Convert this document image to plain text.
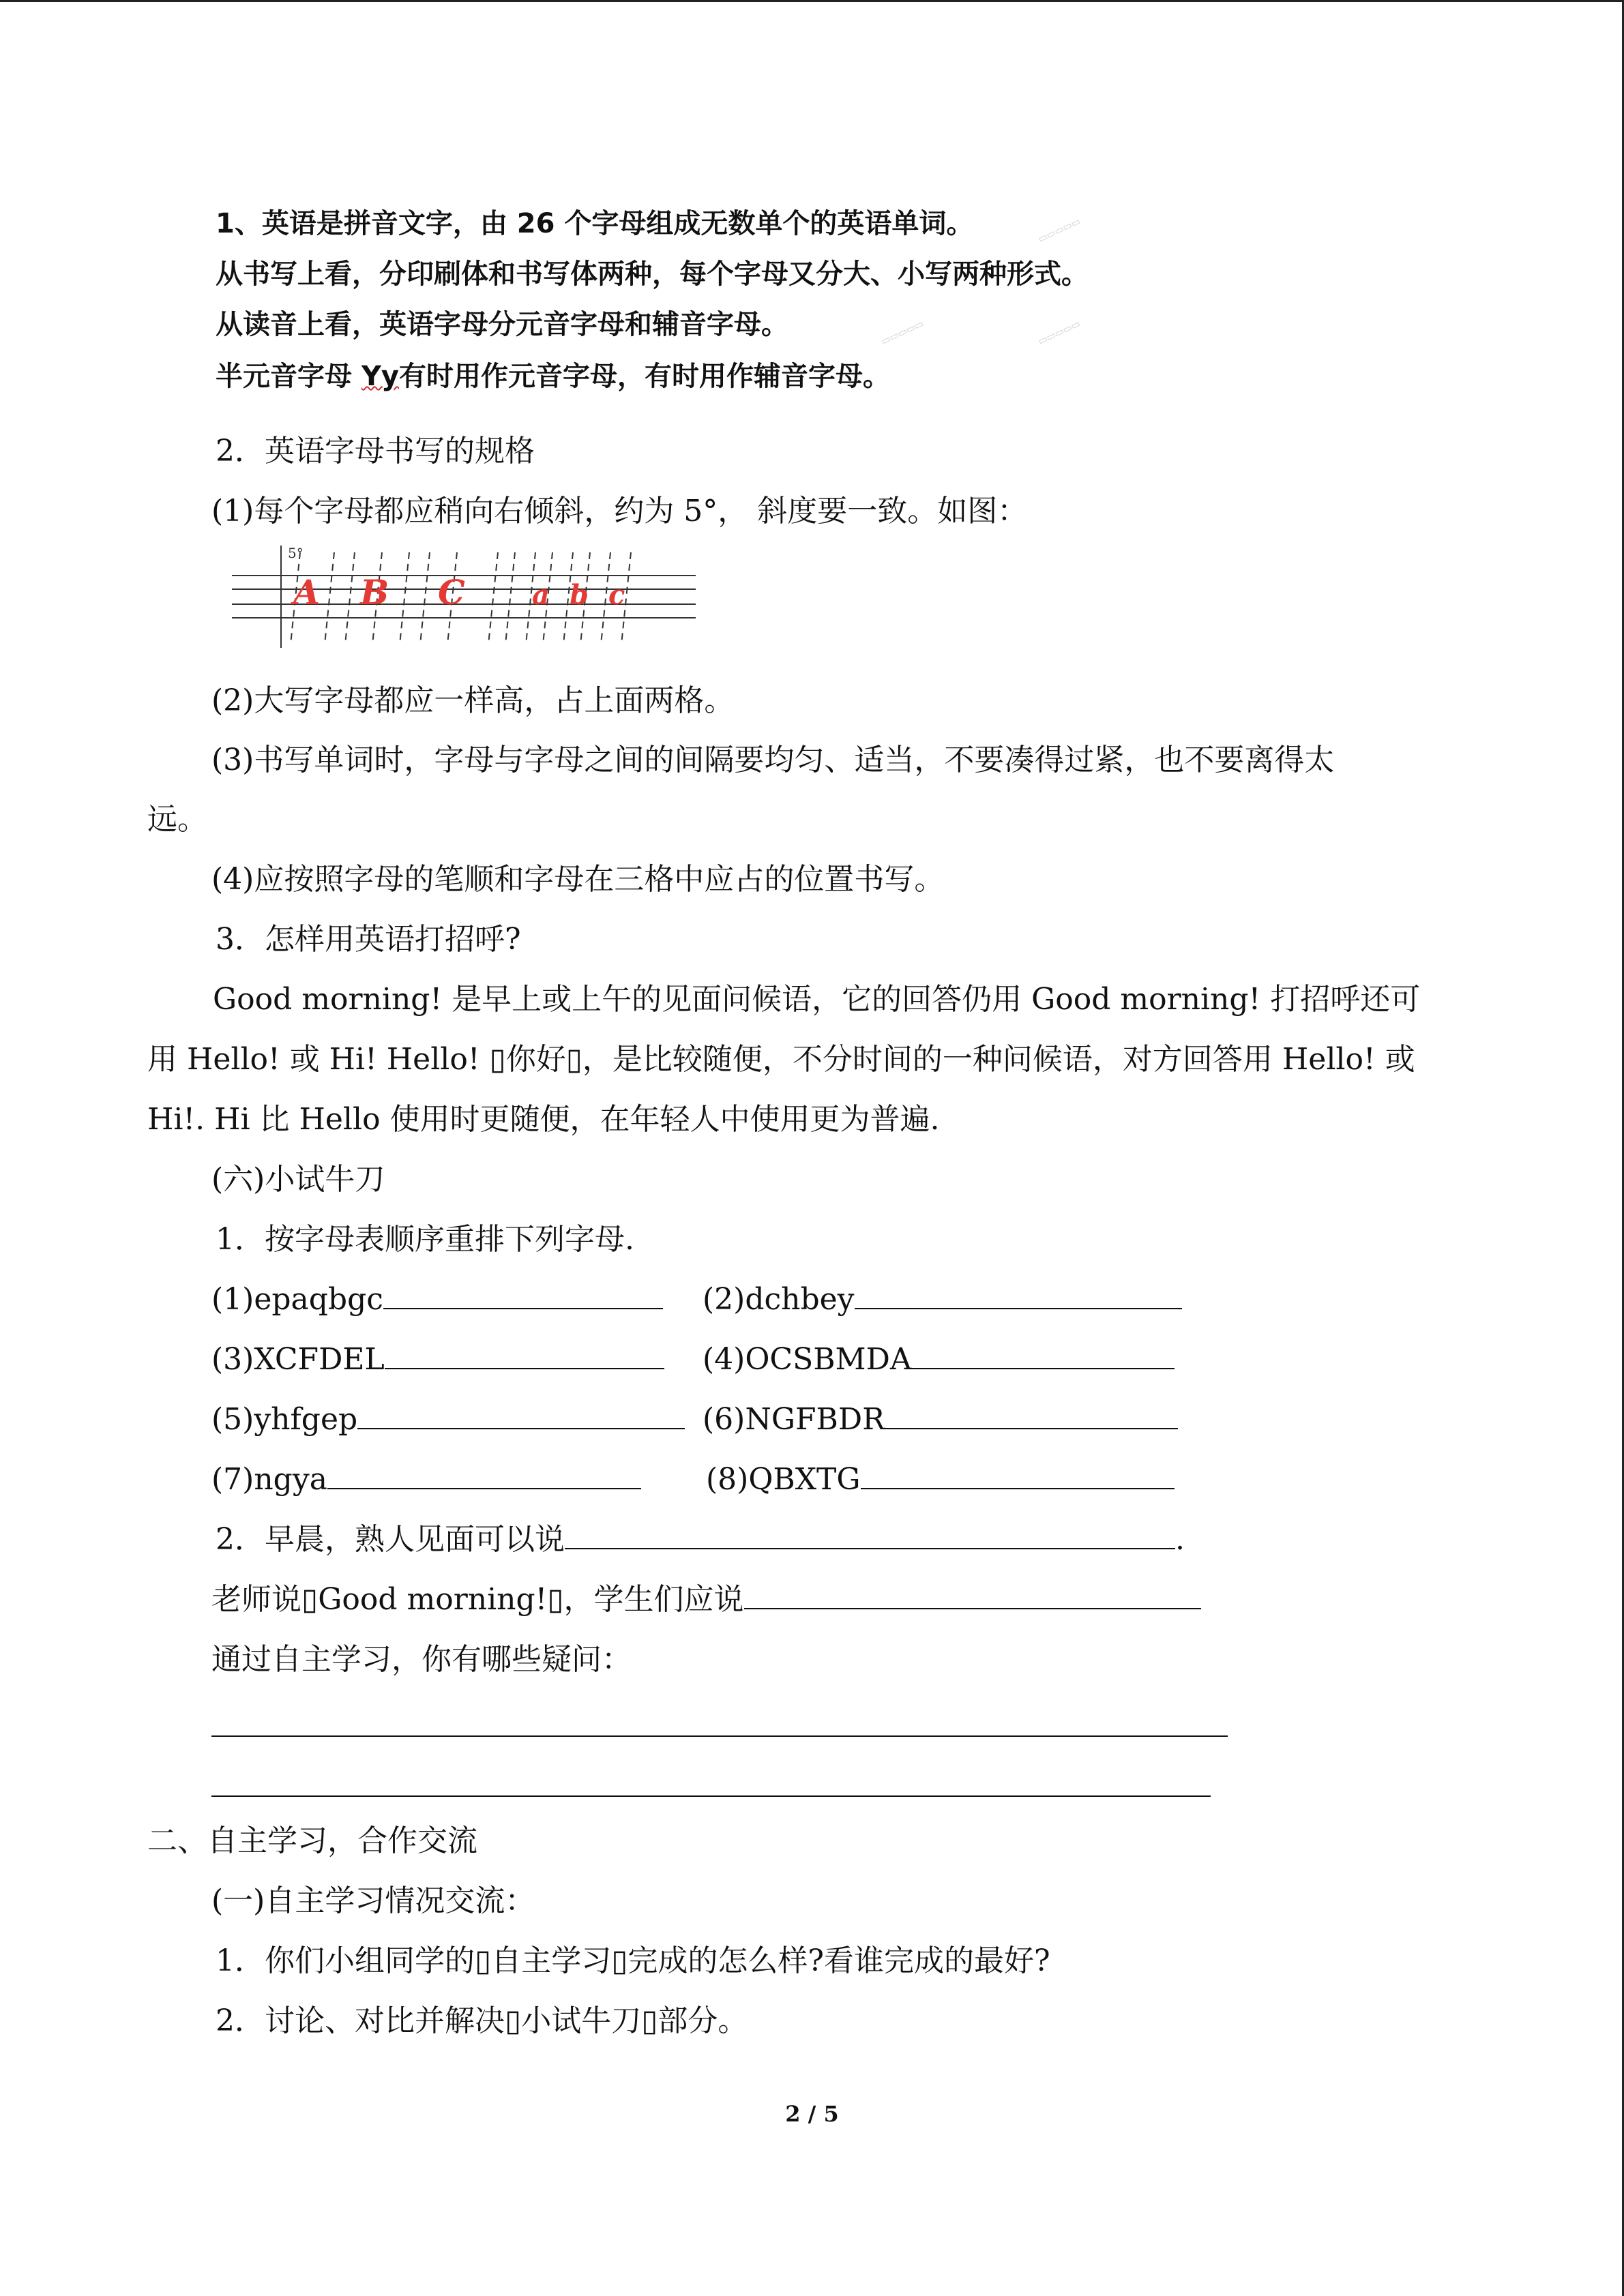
1、英语是拼音文字，由 26 个字母组成无数单个的英语单词。
从书写上看，分印刷体和书写体两种，每个字母又分大、小写两种形式。
从读音上看，英语字母分元音字母和辅音字母。
半元音字母 Yy有时用作元音字母，有时用作辅音字母。
▭▭▭▭▭
▭▭▭▭▭	▭▭▭▭▭
2．英语字母书写的规格
(1)每个字母都应稍向右倾斜，约为 5°， 斜度要一致。如图：
5°
A B C a b c
(2)大写字母都应一样高，占上面两格。
(3)书写单词时，字母与字母之间的间隔要均匀、适当，不要凑得过紧，也不要离得太
远。
(4)应按照字母的笔顺和字母在三格中应占的位置书写。
3．怎样用英语打招呼?
Good morning! 是早上或上午的见面问候语，它的回答仍用 Good morning! 打招呼还可
用 Hello! 或 Hi! Hello! ▯你好▯，是比较随便，不分时间的一种问候语，对方回答用 Hello! 或
Hi!. Hi 比 Hello 使用时更随便，在年轻人中使用更为普遍.
(六)小试牛刀
1．按字母表顺序重排下列字母.
(1)epaqbgc	(2)dchbey
(3)XCFDEL	(4)OCSBMDA
(5)yhfgep	(6)NGFBDR
(7)ngya	(8)QBXTG
2．早晨，熟人见面可以说	.
老师说▯Good morning!▯，学生们应说
通过自主学习，你有哪些疑问：
二、自主学习，合作交流
(一)自主学习情况交流：
1．你们小组同学的▯自主学习▯完成的怎么样?看谁完成的最好?
2．讨论、对比并解决▯小试牛刀▯部分。
2 / 5
